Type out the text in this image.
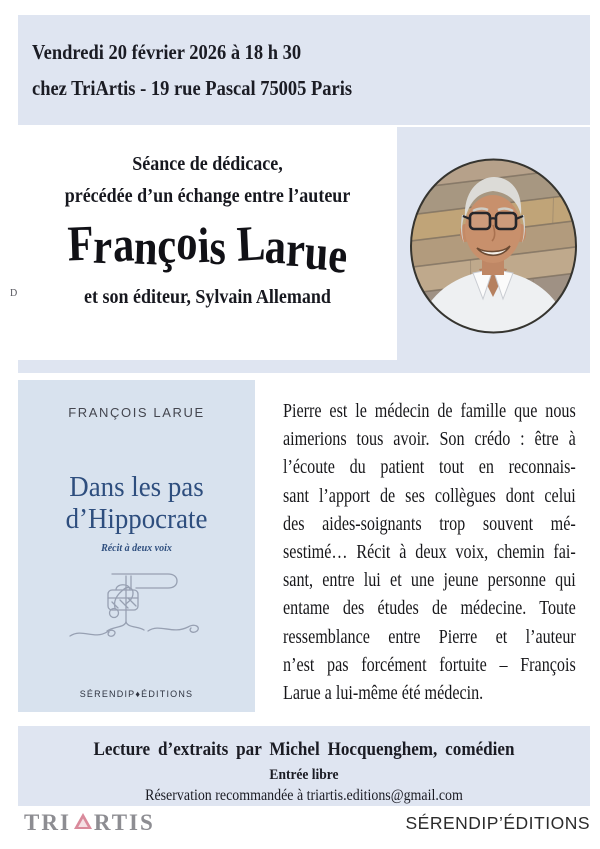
Vendredi 20 février 2026 à 18 h 30
chez TriArtis - 19 rue Pascal 75005 Paris
Séance de dédicace,
précédée d’un échange entre l’auteur
François Larue
et son éditeur, Sylvain Allemand
D
FRANÇOIS LARUE
Dans les pas
d’Hippocrate
Récit à deux voix
SÉRENDIP♦ÉDITIONS
Pierre est le médecin de famille que nous
aimerions tous avoir. Son crédo : être à
l’écoute du patient tout en reconnais-
sant l’apport de ses collègues dont celui
des aides-soignants trop souvent mé-
sestimé… Récit à deux voix, chemin fai-
sant, entre lui et une jeune personne qui
entame des études de médecine. Toute
ressemblance entre Pierre et l’auteur
n’est pas forcément fortuite – François
Larue a lui-même été médecin.
Lecture d’extraits par Michel Hocquenghem, comédien
Entrée libre
Réservation recommandée à triartis.editions@gmail.com
TRI RTIS	SÉRENDIP’ÉDITIONS
